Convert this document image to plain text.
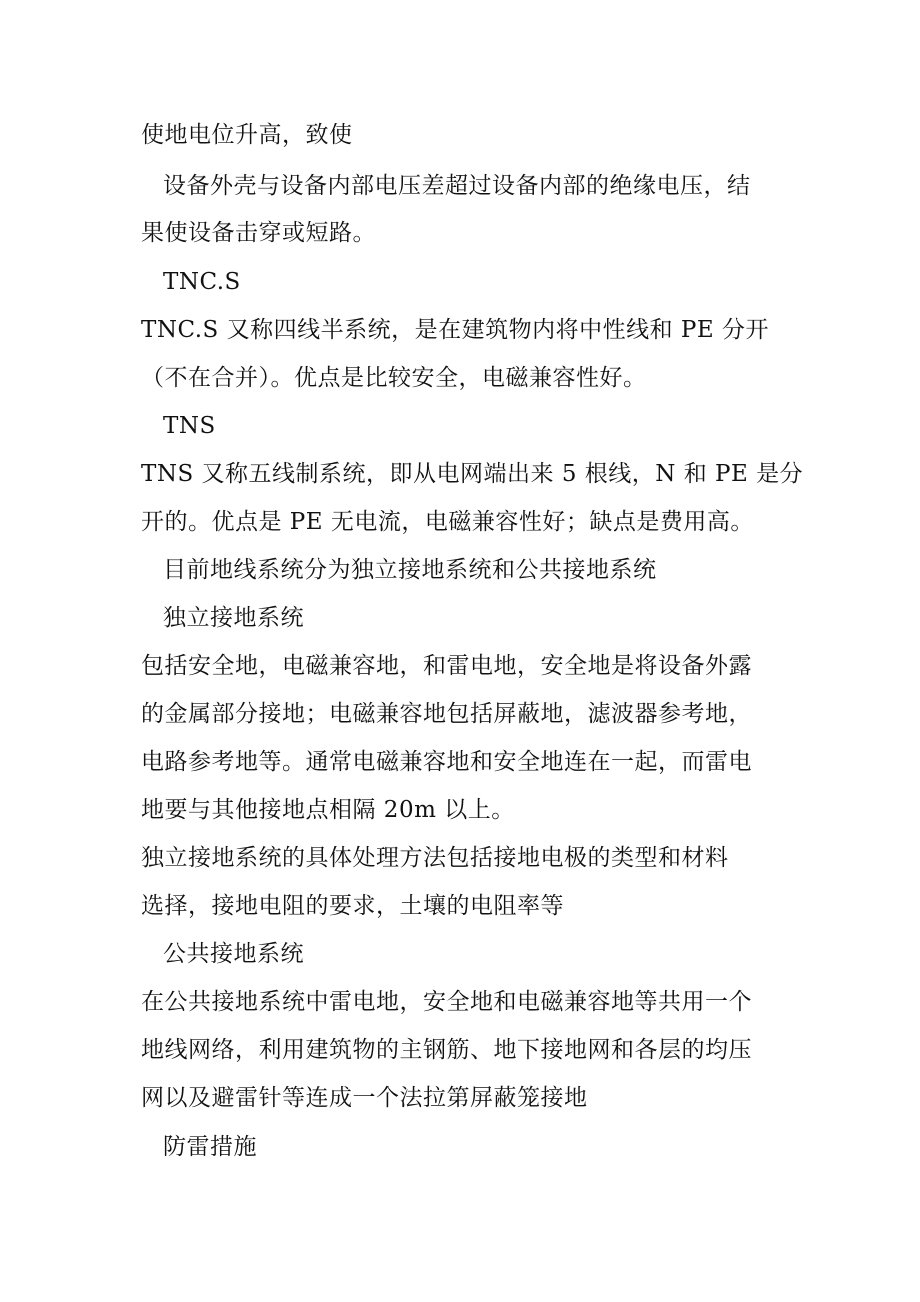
使地电位升高，致使
设备外壳与设备内部电压差超过设备内部的绝缘电压，结
果使设备击穿或短路。
TNC.S
TNC.S 又称四线半系统，是在建筑物内将中性线和 PE 分开
（不在合并）。优点是比较安全，电磁兼容性好。
TNS
TNS 又称五线制系统，即从电网端出来 5 根线，N 和 PE 是分
开的。优点是 PE 无电流，电磁兼容性好；缺点是费用高。
目前地线系统分为独立接地系统和公共接地系统
独立接地系统
包括安全地，电磁兼容地，和雷电地，安全地是将设备外露
的金属部分接地；电磁兼容地包括屏蔽地，滤波器参考地，
电路参考地等。通常电磁兼容地和安全地连在一起，而雷电
地要与其他接地点相隔 20m 以上。
独立接地系统的具体处理方法包括接地电极的类型和材料
选择，接地电阻的要求，土壤的电阻率等
公共接地系统
在公共接地系统中雷电地，安全地和电磁兼容地等共用一个
地线网络，利用建筑物的主钢筋、地下接地网和各层的均压
网以及避雷针等连成一个法拉第屏蔽笼接地
防雷措施
